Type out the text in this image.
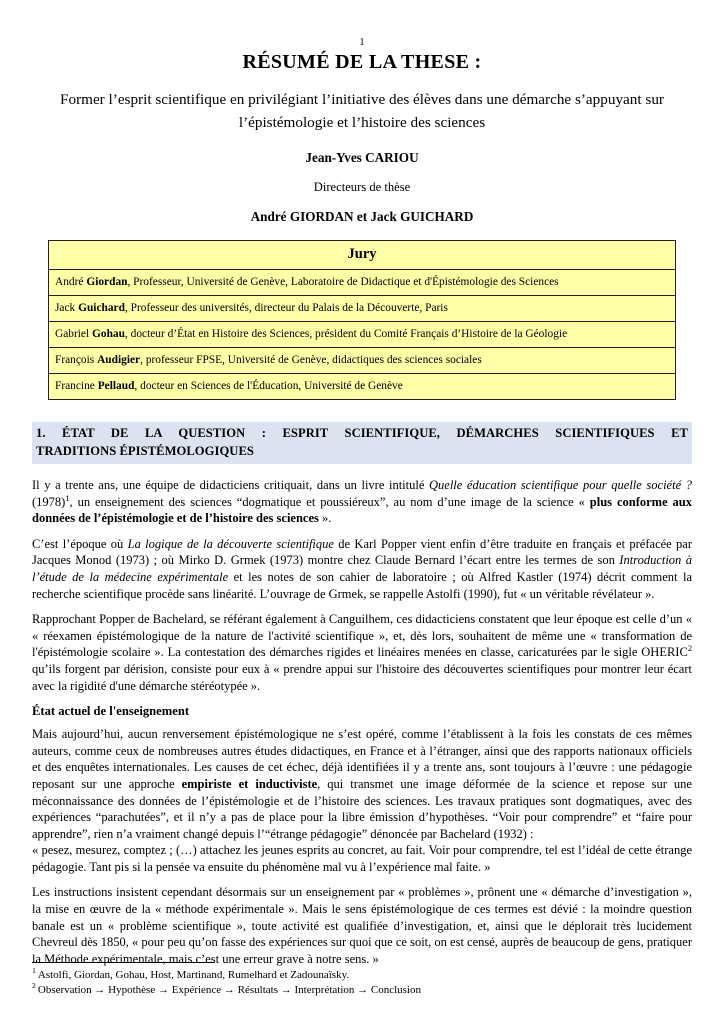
1
RÉSUMÉ DE LA THESE :
Former l’esprit scientifique en privilégiant l’initiative des élèves dans une démarche s’appuyant sur l’épistémologie et l’histoire des sciences
Jean-Yves CARIOU
Directeurs de thèse
André GIORDAN et Jack GUICHARD
Jury
André Giordan, Professeur, Université de Genève, Laboratoire de Didactique et d'Épistémologie des Sciences
Jack Guichard, Professeur des universités, directeur du Palais de la Découverte, Paris
Gabriel Gohau, docteur d’État en Histoire des Sciences, président du Comité Français d’Histoire de la Géologie
François Audigier, professeur FPSE, Université de Genève, didactiques des sciences sociales
Francine Pellaud, docteur en Sciences de l'Éducation, Université de Genève
1. ÉTAT DE LA QUESTION : ESPRIT SCIENTIFIQUE, DÉMARCHES SCIENTIFIQUES ET
TRADITIONS ÉPISTÉMOLOGIQUES

Il y a trente ans, une équipe de didacticiens critiquait, dans un livre intitulé Quelle éducation scientifique pour quelle société ? $(1978)^1$, un enseignement des sciences “dogmatique et poussiéreux”, au nom d’une image de la science « plus conforme aux données de l’épistémologie et de l’histoire des sciences ».

C’est l’époque où La logique de la découverte scientifique de Karl Popper vient enfin d’être traduite en français et préfacée par Jacques Monod (1973) ; où Mirko D. Grmek (1973) montre chez Claude Bernard l’écart entre les termes de son Introduction à l’étude de la médecine expérimentale et les notes de son cahier de laboratoire ; où Alfred Kastler (1974) décrit comment la recherche scientifique procède sans linéarité. L’ouvrage de Grmek, se rappelle Astolfi (1990), fut « un véritable révélateur ».

Rapprochant Popper de Bachelard, se référant également à Canguilhem, ces didacticiens constatent que leur époque est celle d’un « « réexamen épistémologique de la nature de l'activité scientifique », et, dès lors, souhaitent de même une « transformation de l'épistémologie scolaire ». La contestation des démarches rigides et linéaires menées en classe, caricaturées par le sigle OHERIC$^2$ qu’ils forgent par dérision, consiste pour eux à « prendre appui sur l'histoire des découvertes scientifiques pour montrer leur écart avec la rigidité d'une démarche stéréotypée ».

État actuel de l'enseignement

Mais aujourd’hui, aucun renversement épistémologique ne s’est opéré, comme l’établissent à la fois les constats de ces mêmes auteurs, comme ceux de nombreuses autres études didactiques, en France et à l’étranger, ainsi que des rapports nationaux officiels et des enquêtes internationales. Les causes de cet échec, déjà identifiées il y a trente ans, sont toujours à l’œuvre : une pédagogie reposant sur une approche empiriste et inductiviste, qui transmet une image déformée de la science et repose sur une méconnaissance des données de l’épistémologie et de l’histoire des sciences. Les travaux pratiques sont dogmatiques, avec des expériences “parachutées”, et il n’y a pas de place pour la libre émission d’hypothèses. “Voir pour comprendre” et “faire pour apprendre”, rien n’a vraiment changé depuis l’“étrange pédagogie” dénoncée par Bachelard (1932) :

« pesez, mesurez, comptez ; (…) attachez les jeunes esprits au concret, au fait. Voir pour comprendre, tel est l’idéal de cette étrange pédagogie. Tant pis si la pensée va ensuite du phénomène mal vu à l’expérience mal faite. »

Les instructions insistent cependant désormais sur un enseignement par « problèmes », prônent une « démarche d’investigation », la mise en œuvre de la « méthode expérimentale ». Mais le sens épistémologique de ces termes est dévié : la moindre question banale est un « problème scientifique », toute activité est qualifiée d’investigation, et, ainsi que le déplorait très lucidement Chevreul dès 1850, « pour peu qu’on fasse des expériences sur quoi que ce soit, on est censé, auprès de beaucoup de gens, pratiquer la Méthode expérimentale, mais c’est une erreur grave à notre sens. »

$^1$ Astolfi, Giordan, Gohau, Host, Martinand, Rumelhard et Zadounaïsky.

$^2$ Observation → Hypothèse → Expérience → Résultats → Interprétation → Conclusion
